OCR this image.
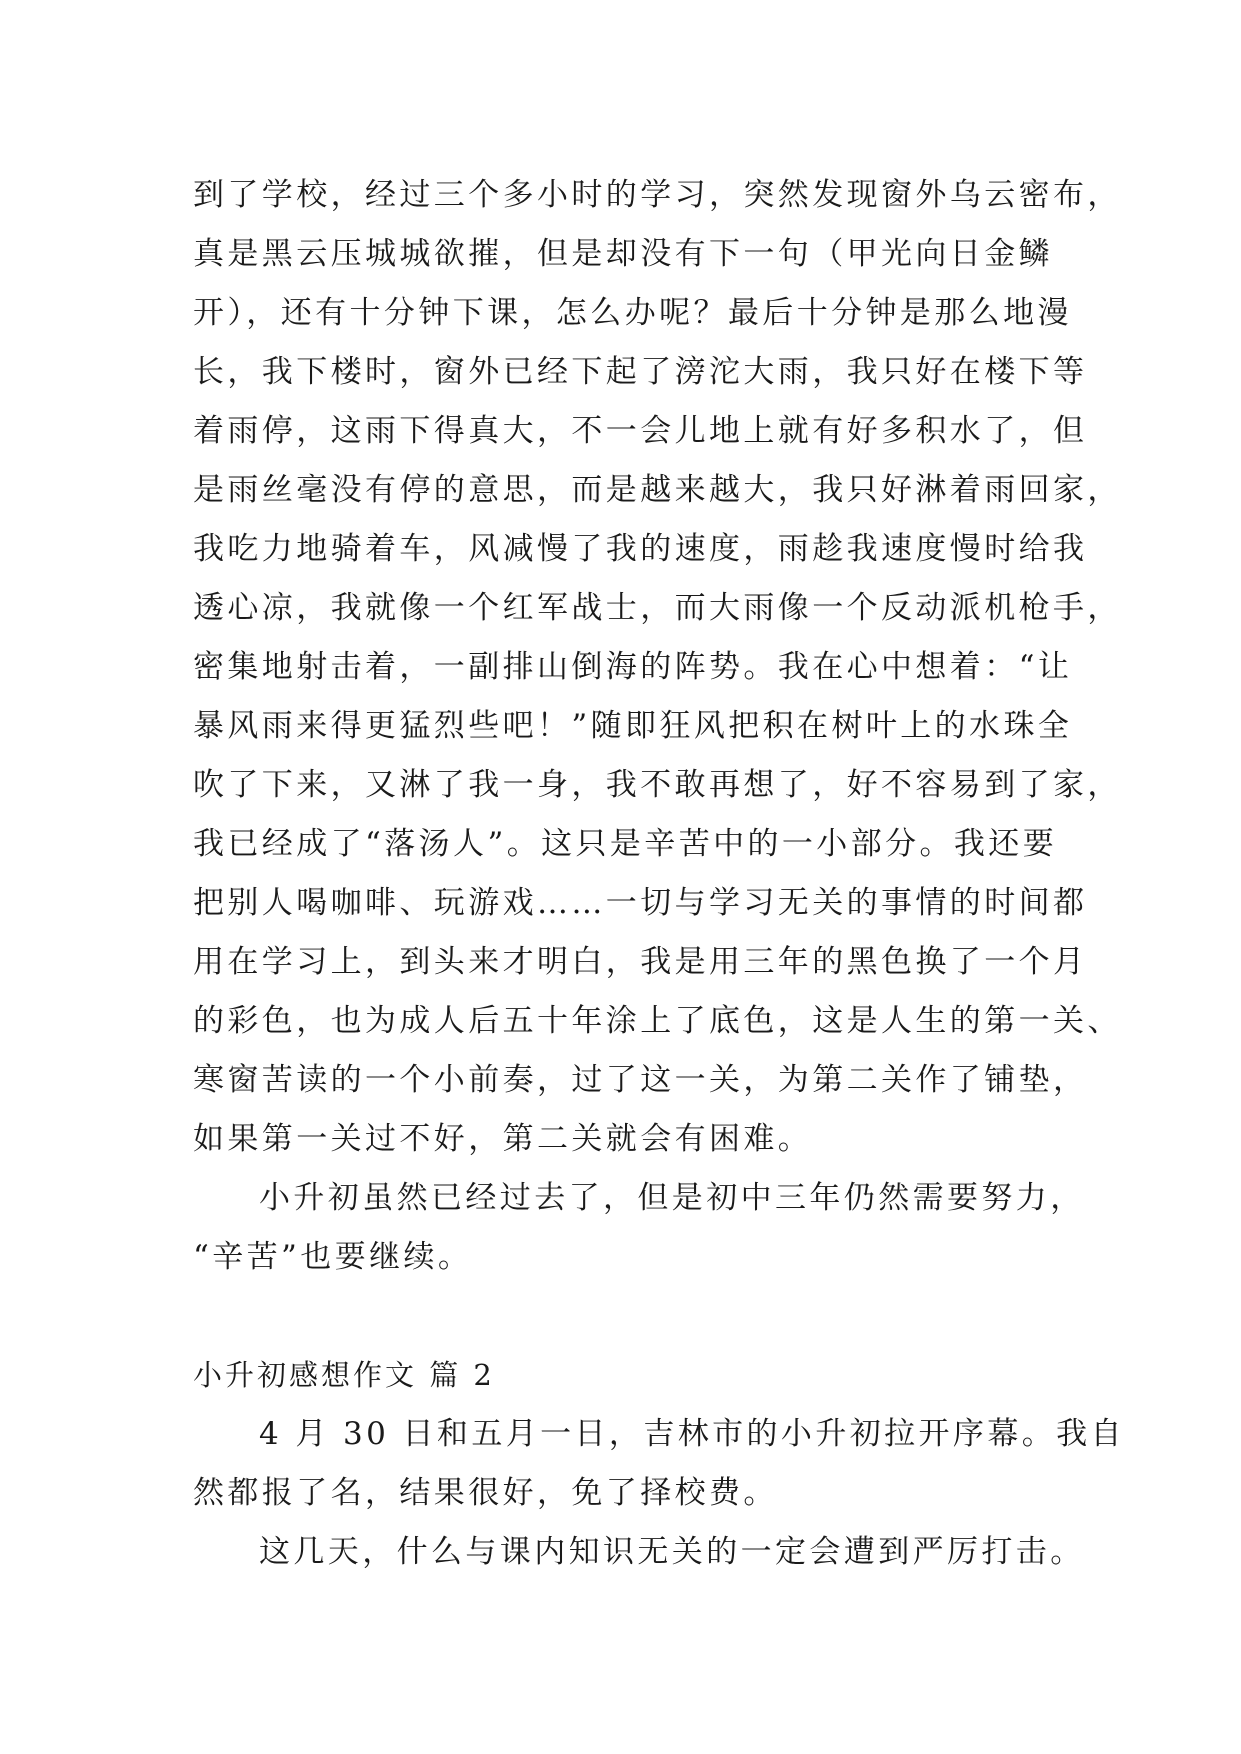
到了学校，经过三个多小时的学习，突然发现窗外乌云密布，
真是黑云压城城欲摧，但是却没有下一句（甲光向日金鳞
开），还有十分钟下课，怎么办呢？最后十分钟是那么地漫
长，我下楼时，窗外已经下起了滂沱大雨，我只好在楼下等
着雨停，这雨下得真大，不一会儿地上就有好多积水了，但
是雨丝毫没有停的意思，而是越来越大，我只好淋着雨回家，
我吃力地骑着车，风减慢了我的速度，雨趁我速度慢时给我
透心凉，我就像一个红军战士，而大雨像一个反动派机枪手，
密集地射击着，一副排山倒海的阵势。我在心中想着：“让
暴风雨来得更猛烈些吧！”随即狂风把积在树叶上的水珠全
吹了下来，又淋了我一身，我不敢再想了，好不容易到了家，
我已经成了“落汤人”。这只是辛苦中的一小部分。我还要
把别人喝咖啡、玩游戏……一切与学习无关的事情的时间都
用在学习上，到头来才明白，我是用三年的黑色换了一个月
的彩色，也为成人后五十年涂上了底色，这是人生的第一关、
寒窗苦读的一个小前奏，过了这一关，为第二关作了铺垫，
如果第一关过不好，第二关就会有困难。
小升初虽然已经过去了，但是初中三年仍然需要努力，
“辛苦”也要继续。
小升初感想作文 篇 2
4 月 30 日和五月一日，吉林市的小升初拉开序幕。我自
然都报了名，结果很好，免了择校费。
这几天，什么与课内知识无关的一定会遭到严厉打击。
